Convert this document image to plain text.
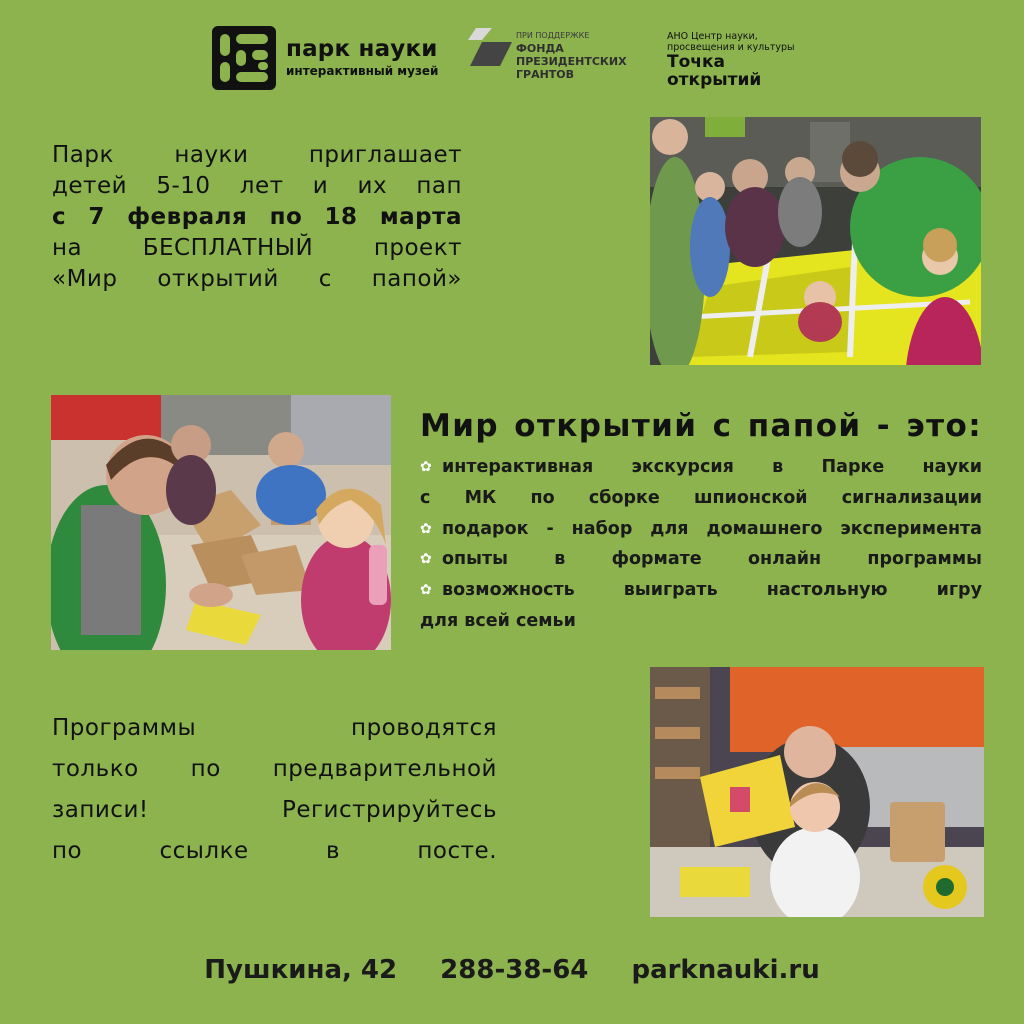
парк науки
интерактивный музей
ПРИ ПОДДЕРЖКЕ
ФОНДА
ПРЕЗИДЕНТСКИХ
ГРАНТОВ
АНО Центр науки,
просвещения и культуры
Точка
открытий
Парк науки приглашает
детей 5-10 лет и их пап
с 7 февраля по 18 марта
на БЕСПЛАТНЫЙ проект
«Мир открытий с папой»
Мир открытий с папой - это:
✿ интерактивная экскурсия в Парке науки
с МК по сборке шпионской сигнализации
✿ подарок - набор для домашнего эксперимента
✿ опыты в формате онлайн программы
✿ возможность выиграть настольную игру
для всей семьи
Программы проводятся
только по предварительной
записи! Регистрируйтесь
по ссылке в посте.
Пушкина, 42 288-38-64 parknauki.ru
